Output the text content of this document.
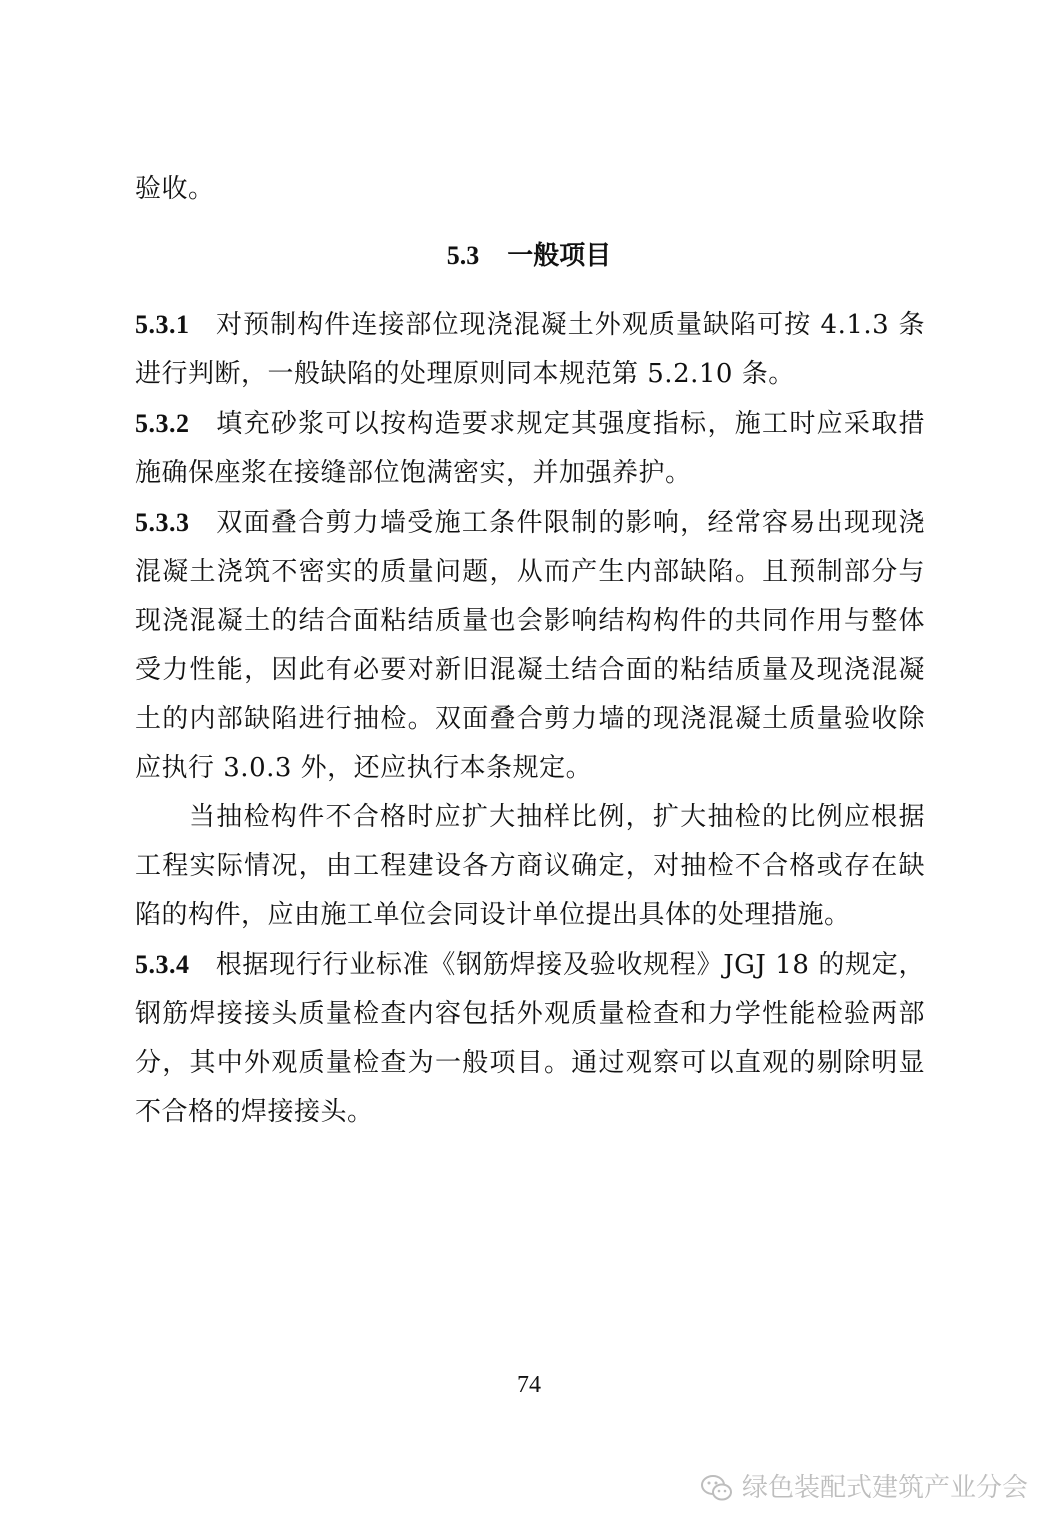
验收。
5.3 一般项目

5.3.1 对预制构件连接部位现浇混凝土外观质量缺陷可按 4.1.3 条进行判断，一般缺陷的处理原则同本规范第 5.2.10 条。

5.3.2 填充砂浆可以按构造要求规定其强度指标，施工时应采取措施确保座浆在接缝部位饱满密实，并加强养护。

5.3.3 双面叠合剪力墙受施工条件限制的影响，经常容易出现现浇混凝土浇筑不密实的质量问题，从而产生内部缺陷。且预制部分与现浇混凝土的结合面粘结质量也会影响结构构件的共同作用与整体受力性能，因此有必要对新旧混凝土结合面的粘结质量及现浇混凝土的内部缺陷进行抽检。双面叠合剪力墙的现浇混凝土质量验收除应执行 3.0.3 外，还应执行本条规定。

当抽检构件不合格时应扩大抽样比例，扩大抽检的比例应根据工程实际情况，由工程建设各方商议确定，对抽检不合格或存在缺陷的构件，应由施工单位会同设计单位提出具体的处理措施。

5.3.4 根据现行行业标准《钢筋焊接及验收规程》JGJ 18 的规定，钢筋焊接接头质量检查内容包括外观质量检查和力学性能检验两部分，其中外观质量检查为一般项目。通过观察可以直观的剔除明显不合格的焊接接头。

74
绿色装配式建筑产业分会
